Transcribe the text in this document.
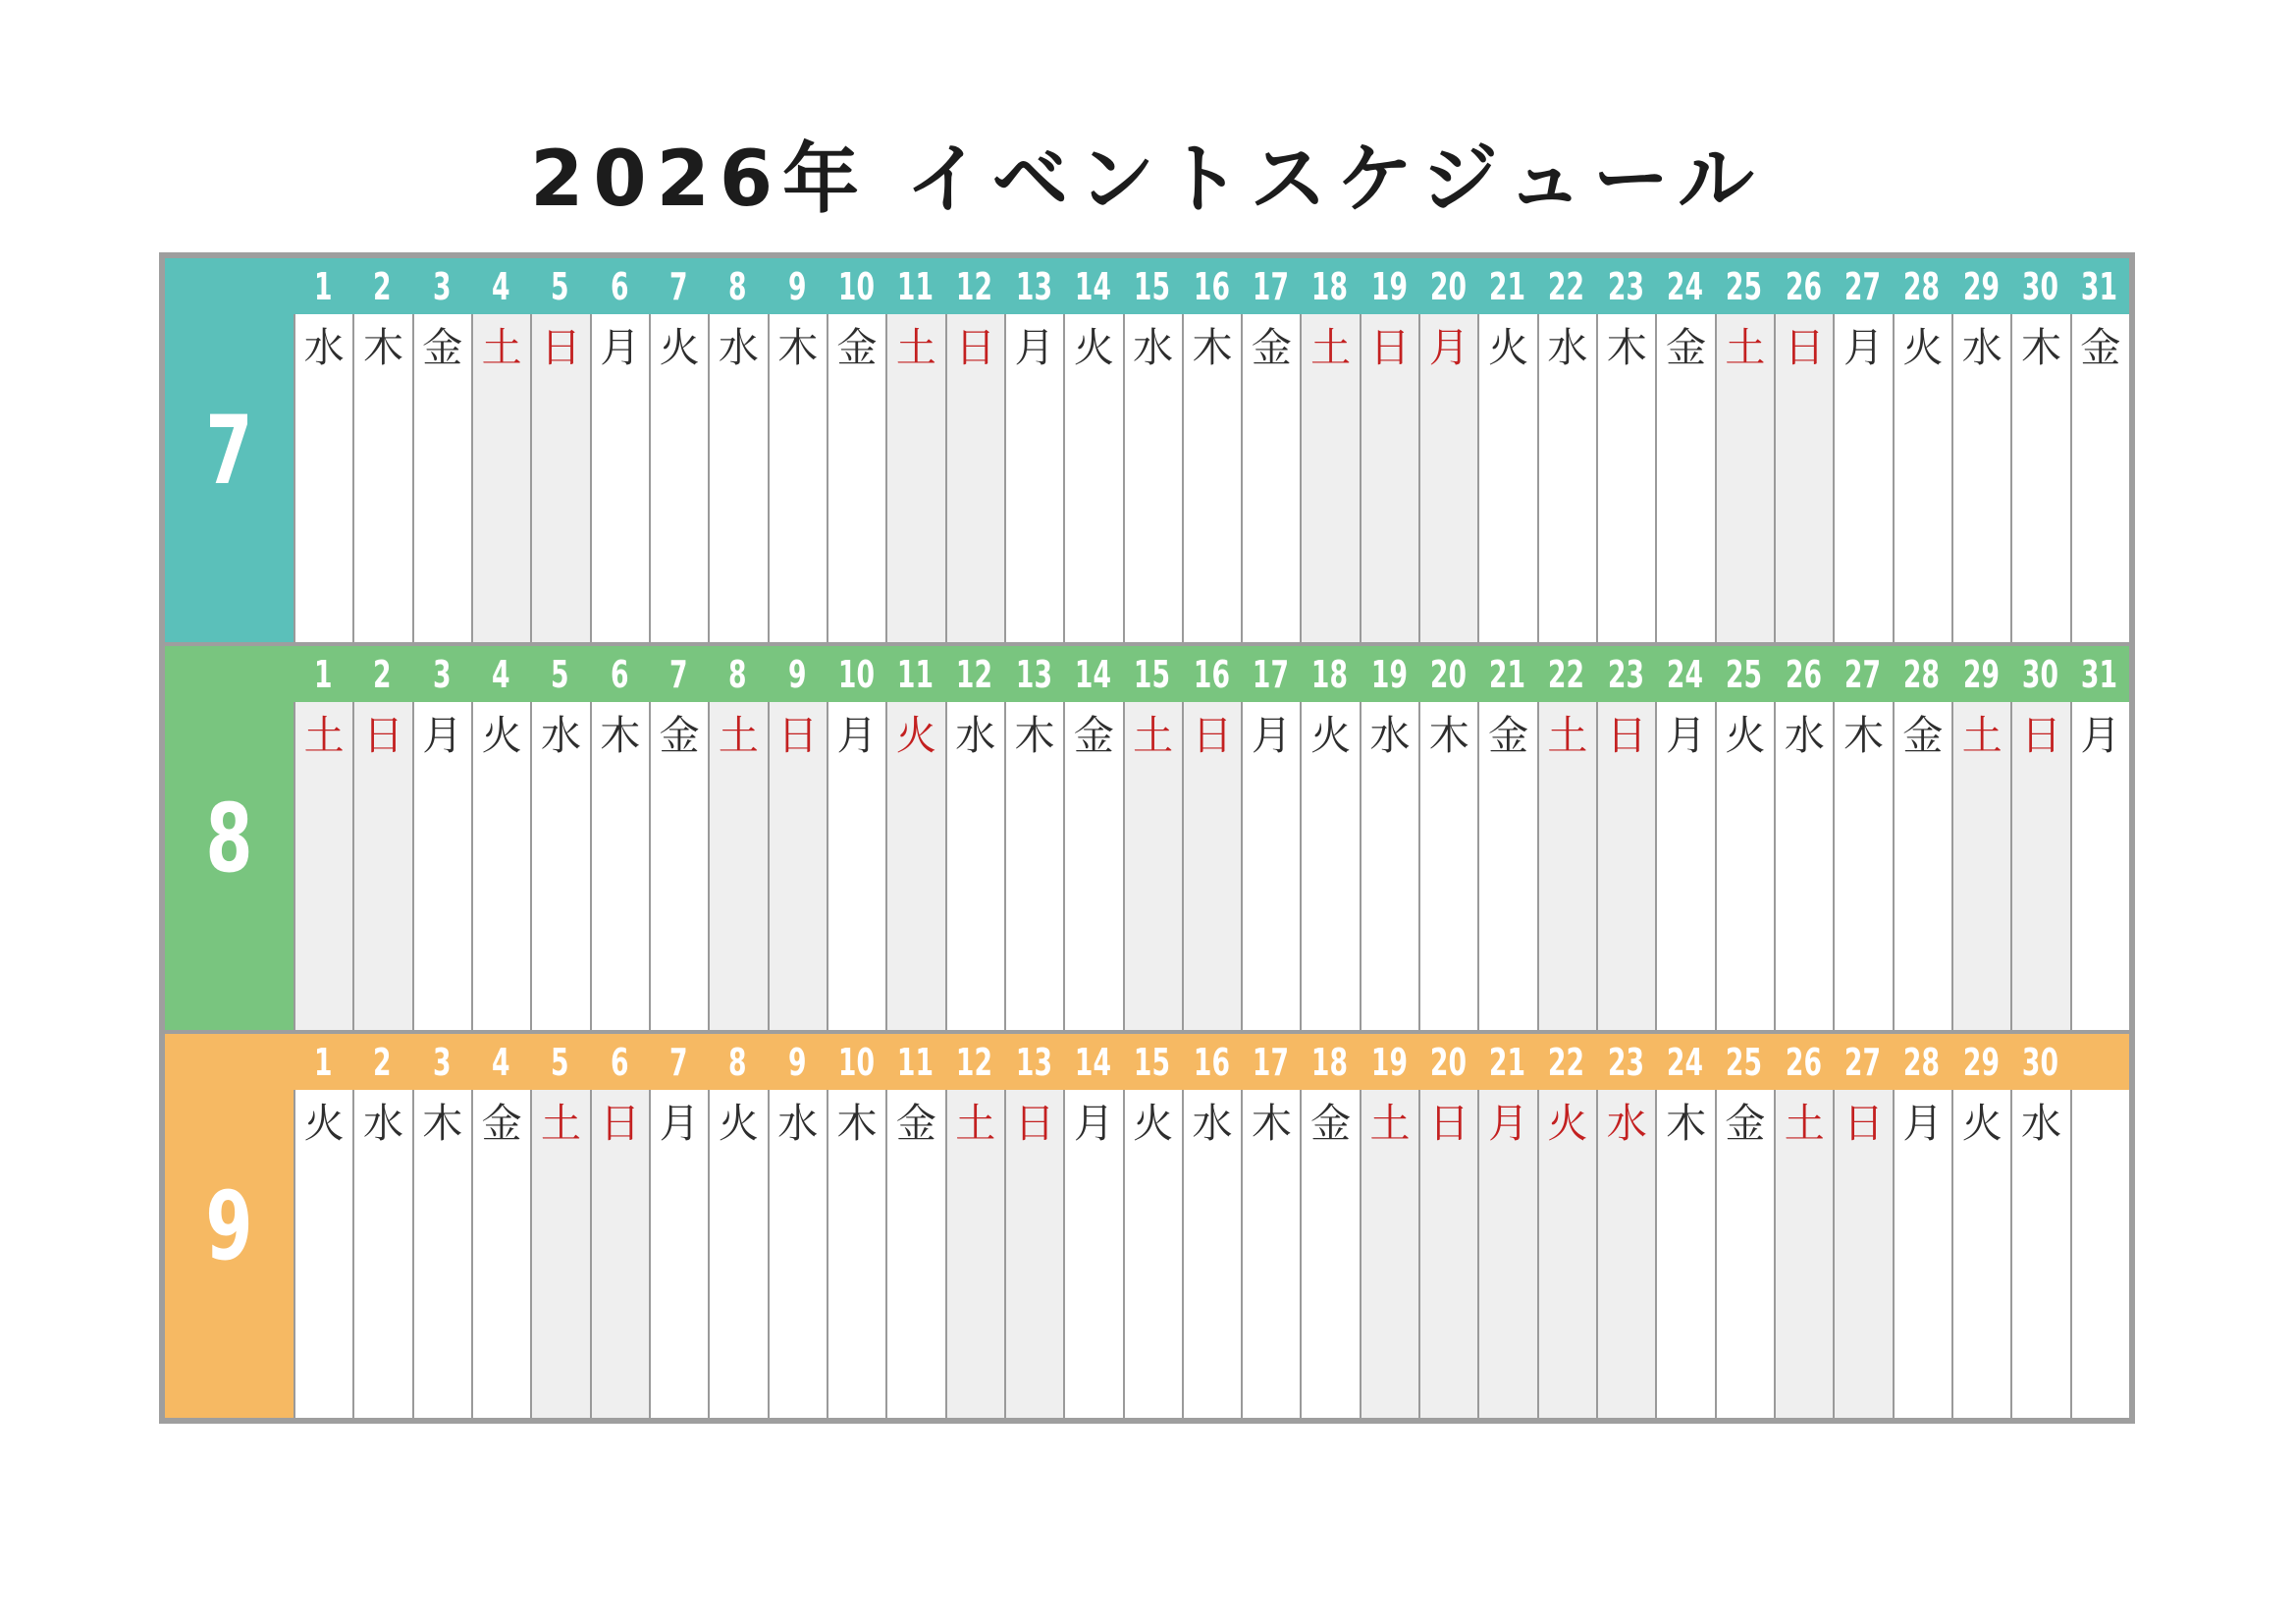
2026年 イベントスケジュール
7
1 2 3 4 5 6 7 8 9 10 11 12 13 14 15 16 17 18 19 20 21 22 23 24 25 26 27 28 29 30 31
水 木 金 土 日 月 火 水 木 金 土 日 月 火 水 木 金 土 日 月 火 水 木 金 土 日 月 火 水 木 金
8
1 2 3 4 5 6 7 8 9 10 11 12 13 14 15 16 17 18 19 20 21 22 23 24 25 26 27 28 29 30 31
土 日 月 火 水 木 金 土 日 月 火 水 木 金 土 日 月 火 水 木 金 土 日 月 火 水 木 金 土 日 月
9
1 2 3 4 5 6 7 8 9 10 11 12 13 14 15 16 17 18 19 20 21 22 23 24 25 26 27 28 29 30
火 水 木 金 土 日 月 火 水 木 金 土 日 月 火 水 木 金 土 日 月 火 水 木 金 土 日 月 火 水
